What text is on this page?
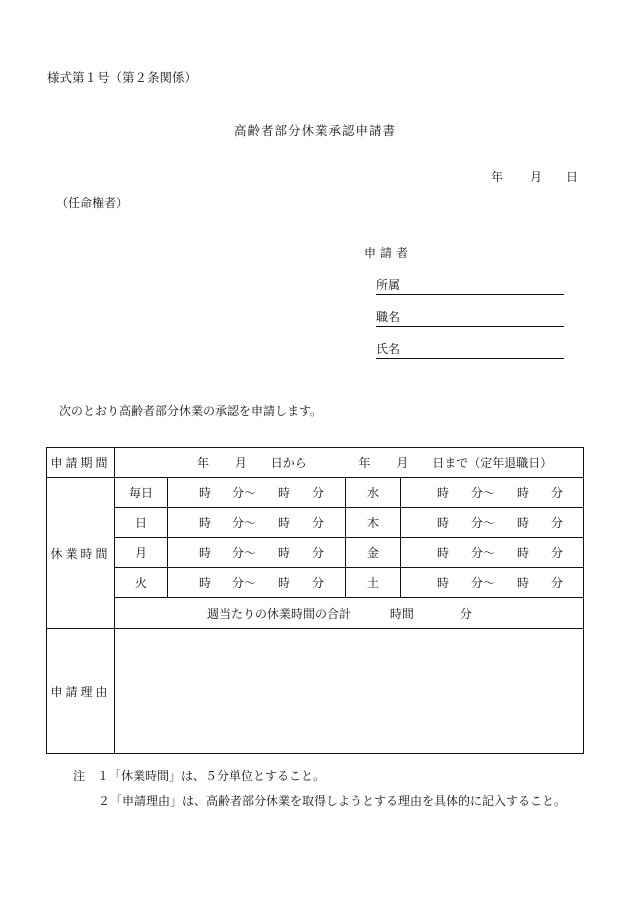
様式第１号（第２条関係）
高齢者部分休業承認申請書
年 月 日
（任命権者）
申請者
所属
職名
氏名
次のとおり高齢者部分休業の承認を申請します。
申請期間	年 月 日から 年 月 日まで（定年退職日）			
休業時間	毎日	時 分～ 時 分	水	時 分～ 時 分
	日	時 分～ 時 分	木	時 分～ 時 分
	月	時 分～ 時 分	金	時 分～ 時 分
	火	時 分～ 時 分	土	時 分～ 時 分
	週当たりの休業時間の合計 時間 分			
申請理由				
注　１「休業時間」は、５分単位とすること。
２「申請理由」は、高齢者部分休業を取得しようとする理由を具体的に記入すること。
